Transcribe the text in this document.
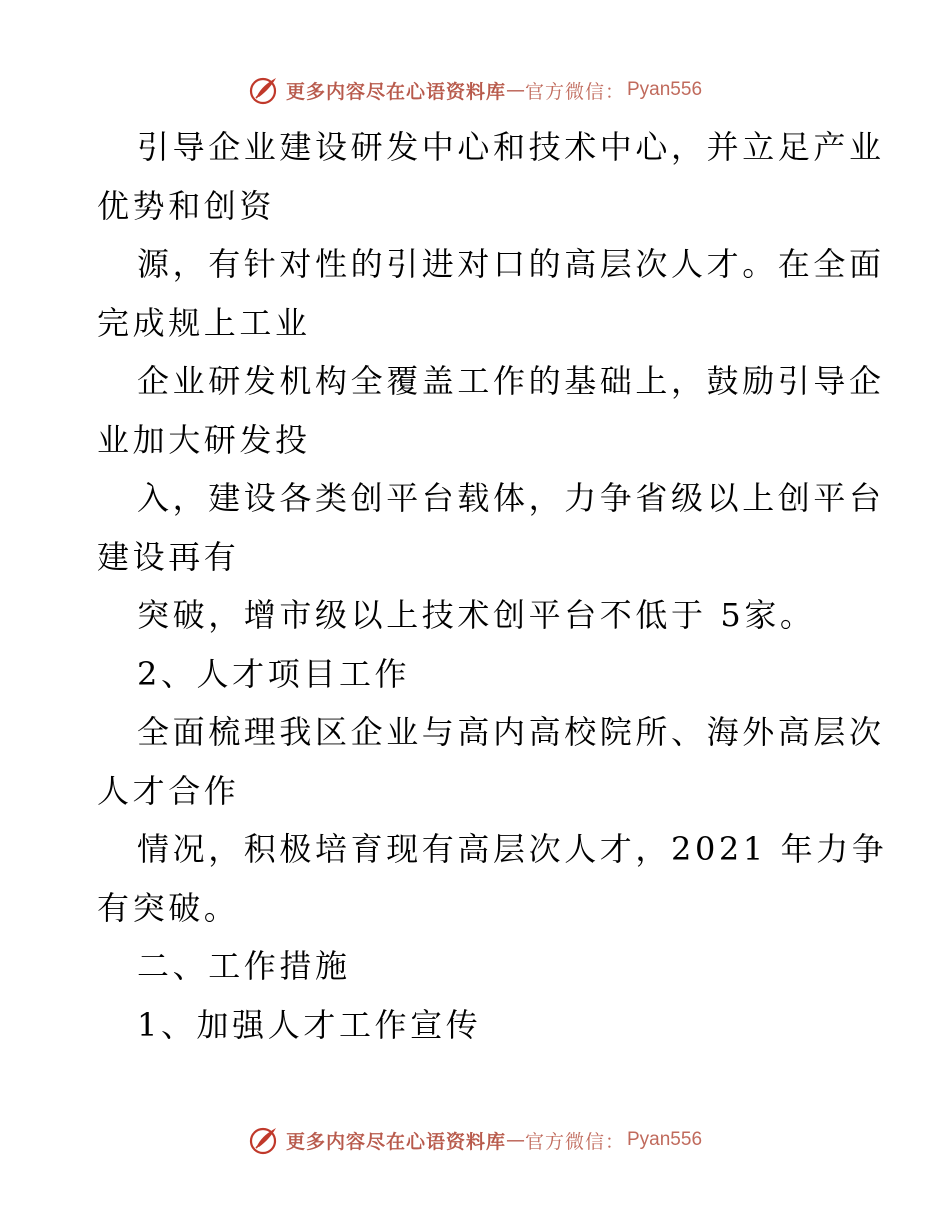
更多内容尽在心语资料库 — 官方微信： Pyan556

引导企业建设研发中心和技术中心，并立足产业
优势和创资

源，有针对性的引进对口的高层次人才。在全面
完成规上工业

企业研发机构全覆盖工作的基础上，鼓励引导企
业加大研发投

入，建设各类创平台载体，力争省级以上创平台
建设再有

突破，增市级以上技术创平台不低于 5家。

2、人才项目工作

全面梳理我区企业与高内高校院所、海外高层次
人才合作

情况，积极培育现有高层次人才，2021 年力争
有突破。

二、工作措施

1、加强人才工作宣传

更多内容尽在心语资料库 — 官方微信： Pyan556
